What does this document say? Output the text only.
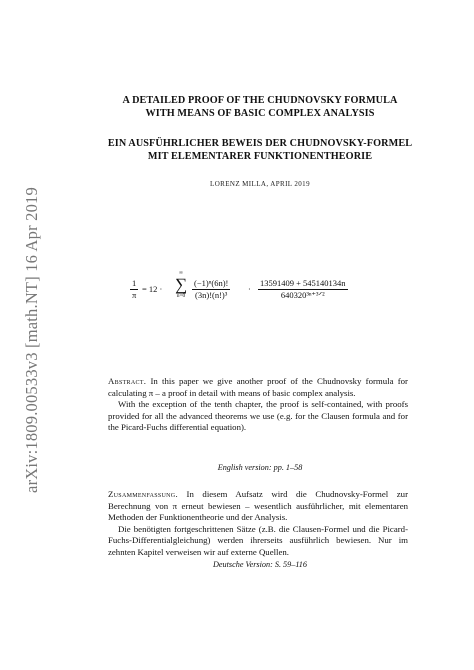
arXiv:1809.00533v3 [math.NT] 16 Apr 2019
A DETAILED PROOF OF THE CHUDNOVSKY FORMULA
WITH MEANS OF BASIC COMPLEX ANALYSIS
EIN AUSFÜHRLICHER BEWEIS DER CHUDNOVSKY-FORMEL
MIT ELEMENTARER FUNKTIONENTHEORIE
LORENZ MILLA, APRIL 2019
$\frac{1}{\pi} = 12$ ·
∞
∑
$n=0 \frac{\text{(−1)ⁿ(6n)!}}{\text{(3n)!(n!)³}}$ ·
13591409 + 545140134n
640320³ⁿ⁺³ᐟ²

Abstract. In this paper we give another proof of the Chudnovsky formula for calculating π – a proof in detail with means of basic complex analysis.

With the exception of the tenth chapter, the proof is self-contained, with proofs provided for all the advanced theorems we use (e.g. for the Clausen formula and for the Picard-Fuchs differential equation).

English version: pp. 1–58

Zusammenfassung. In diesem Aufsatz wird die Chudnovsky-Formel zur Berechnung von π erneut bewiesen – wesentlich ausführlicher, mit elementaren Methoden der Funktionentheorie und der Analysis.

Die benötigten fortgeschrittenen Sätze (z.B. die Clausen-Formel und die Picard-Fuchs-Differentialgleichung) werden ihrerseits ausführlich bewiesen. Nur im zehnten Kapitel verweisen wir auf externe Quellen.

Deutsche Version: S. 59–116
